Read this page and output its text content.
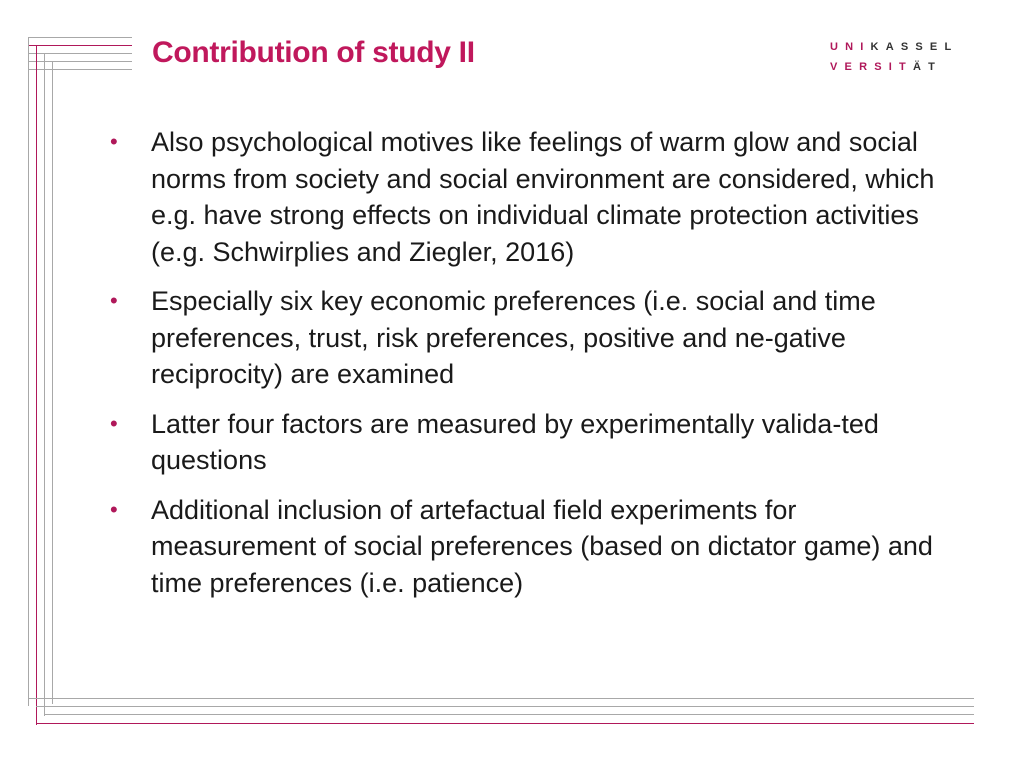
Contribution of study II	UNI KASSEL
VERSIT ÄT
• Also psychological motives like feelings of warm glow and social norms from society and social environment are considered, which e.g. have strong effects on individual climate protection activities (e.g. Schwirplies and Ziegler, 2016)
• Especially six key economic preferences (i.e. social and time preferences, trust, risk preferences, positive and ne-gative reciprocity) are examined
• Latter four factors are measured by experimentally valida-ted questions
• Additional inclusion of artefactual field experiments for measurement of social preferences (based on dictator game) and time preferences (i.e. patience)
